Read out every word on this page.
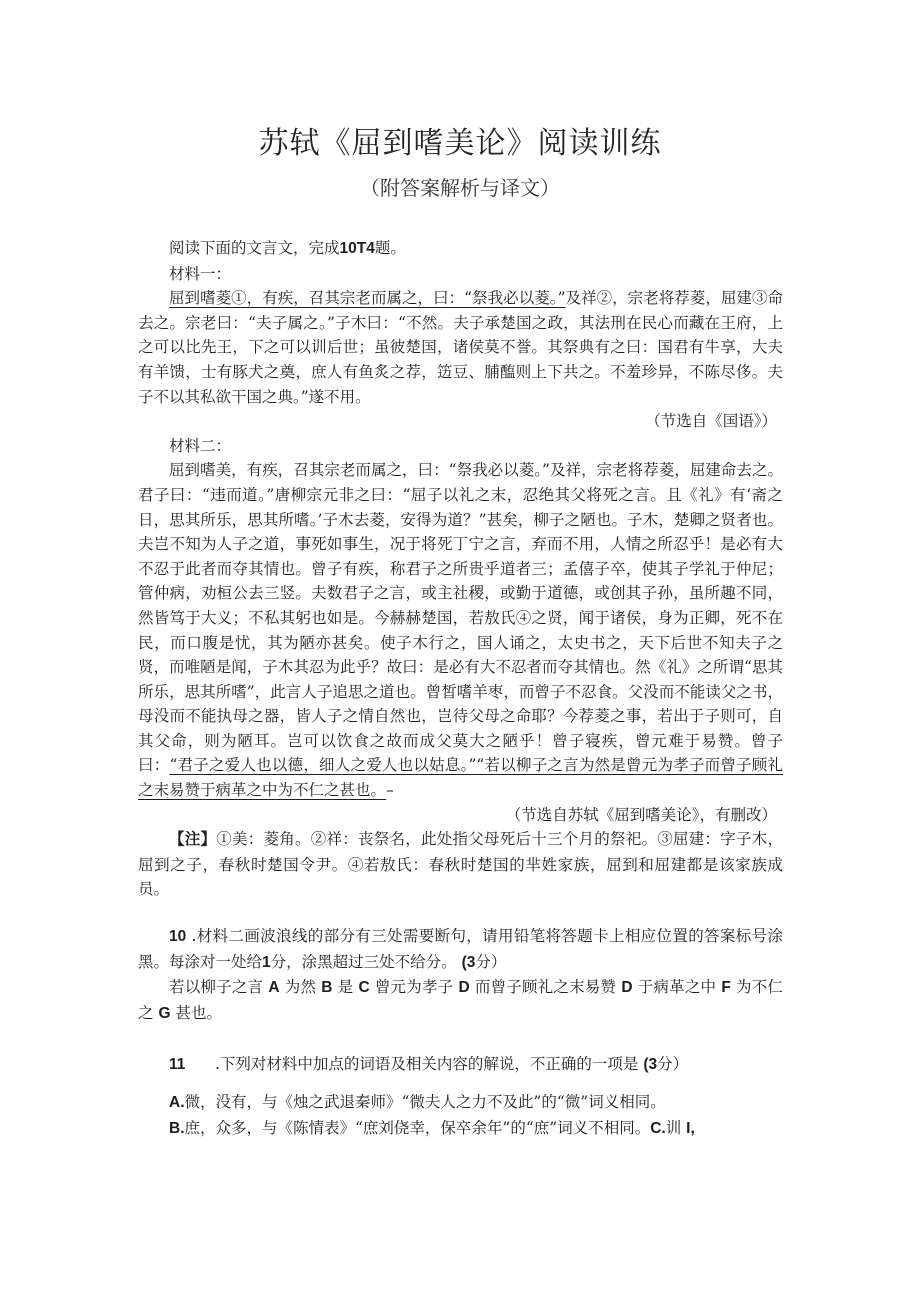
苏轼《屈到嗜美论》阅读训练
（附答案解析与译文）

阅读下面的文言文，完成10T4题。

材料一：

屈到嗜菱①，有疾，召其宗老而属之，曰：“祭我必以菱。”及祥②，宗老将荐菱，屈建③命去之。宗老曰：“夫子属之。”子木曰：“不然。夫子承楚国之政，其法刑在民心而藏在王府，上之可以比先王，下之可以训后世；虽彼楚国，诸侯莫不誉。其祭典有之曰：国君有牛享，大夫有羊馈，士有豚犬之奠，庶人有鱼炙之荐，笾豆、脯醢则上下共之。不羞珍异，不陈尽侈。夫子不以其私欲干国之典。”遂不用。

（节选自《国语》）

材料二：

屈到嗜美，有疾，召其宗老而属之，曰：“祭我必以菱。”及祥，宗老将荐菱，屈建命去之。君子曰：“违而道。”唐柳宗元非之曰：“屈子以礼之末，忍绝其父将死之言。且《礼》有‘斋之日，思其所乐，思其所嗜。’子木去菱，安得为道？”甚矣，柳子之陋也。子木，楚卿之贤者也。夫岂不知为人子之道，事死如事生，况于将死丁宁之言，弃而不用，人情之所忍乎！是必有大不忍于此者而夺其情也。曾子有疾，称君子之所贵乎道者三；孟僖子卒，使其子学礼于仲尼；管仲病，劝桓公去三竖。夫数君子之言，或主社稷，或勤于道德，或创其子孙，虽所趣不同，然皆笃于大义；不私其躬也如是。今赫赫楚国，若敖氏④之贤，闻于诸侯，身为正卿，死不在民，而口腹是忧，其为陋亦甚矣。使子木行之，国人诵之，太史书之，天下后世不知夫子之贤，而唯陋是闻，子木其忍为此乎？故曰：是必有大不忍者而夺其情也。然《礼》之所谓“思其所乐，思其所嗜”，此言人子追思之道也。曾皙嗜羊枣，而曾子不忍食。父没而不能读父之书，母没而不能执母之器，皆人子之情自然也，岂待父母之命耶？今荐菱之事，若出于子则可，自其父命，则为陋耳。岂可以饮食之故而成父莫大之陋乎！曾子寝疾，曾元难于易赞。曾子曰：“君子之爱人也以德，细人之爱人也以姑息。”“若以柳子之言为然是曾元为孝子而曾子顾礼之末易赞于病革之中为不仁之甚也。–

（节选自苏轼《屈到嗜美论》，有删改）

【注】①美：菱角。②祥：丧祭名，此处指父母死后十三个月的祭祀。③屈建：字子木，屈到之子，春秋时楚国令尹。④若敖氏：春秋时楚国的芈姓家族，屈到和屈建都是该家族成员。

10 .材料二画波浪线的部分有三处需要断句，请用铅笔将答题卡上相应位置的答案标号涂黑。每涂对一处给1分，涂黑超过三处不给分。 (3分）

若以柳子之言 A 为然 B 是 C 曾元为孝子 D 而曾子顾礼之末易赞 D 于病革之中 F 为不仁之 G 甚也。

11 .下列对材料中加点的词语及相关内容的解说，不正确的一项是 (3分）

A.微，没有，与《烛之武退秦师》“微夫人之力不及此”的“微”词义相同。

B.庶，众多，与《陈情表》“庶刘侥幸，保卒余年”的“庶”词义不相同。C.训 I,
